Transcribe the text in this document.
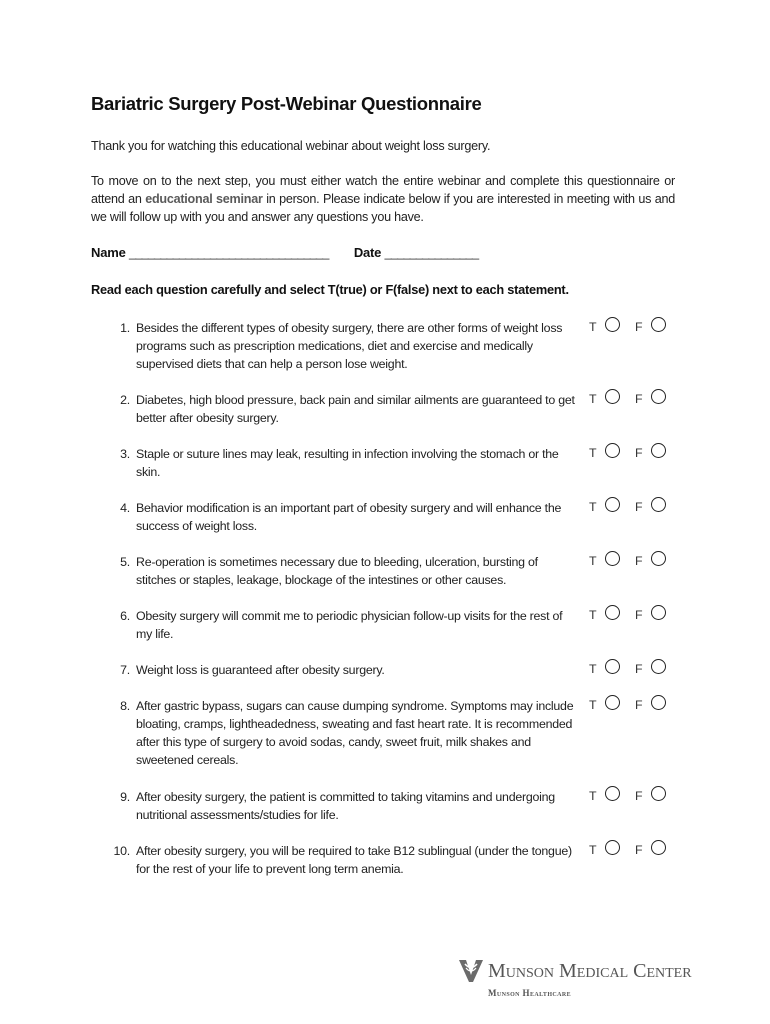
Bariatric Surgery Post-Webinar Questionnaire
Thank you for watching this educational webinar about weight loss surgery.
To move on to the next step, you must either watch the entire webinar and complete this questionnaire or attend an educational seminar in person. Please indicate below if you are interested in meeting with us and we will follow up with you and answer any questions you have.
Name ________________________________ Date _______________
Read each question carefully and select T(true) or F(false) next to each statement.
1. Besides the different types of obesity surgery, there are other forms of weight loss programs such as prescription medications, diet and exercise and medically supervised diets that can help a person lose weight.
T	F
2. Diabetes, high blood pressure, back pain and similar ailments are guaranteed to get better after obesity surgery.
T	F
3. Staple or suture lines may leak, resulting in infection involving the stomach or the skin.
T	F
4. Behavior modification is an important part of obesity surgery and will enhance the success of weight loss.
T	F
5. Re-operation is sometimes necessary due to bleeding, ulceration, bursting of stitches or staples, leakage, blockage of the intestines or other causes.
T	F
6. Obesity surgery will commit me to periodic physician follow-up visits for the rest of my life.
T	F
7. Weight loss is guaranteed after obesity surgery.	T	F
8. After gastric bypass, sugars can cause dumping syndrome. Symptoms may include bloating, cramps, lightheadedness, sweating and fast heart rate. It is recommended after this type of surgery to avoid sodas, candy, sweet fruit, milk shakes and sweetened cereals.
T	F
9. After obesity surgery, the patient is committed to taking vitamins and undergoing nutritional assessments/studies for life.
T	F
10. After obesity surgery, you will be required to take B12 sublingual (under the tongue) for the rest of your life to prevent long term anemia.
T	F
Munson Medical Center
Munson Healthcare
